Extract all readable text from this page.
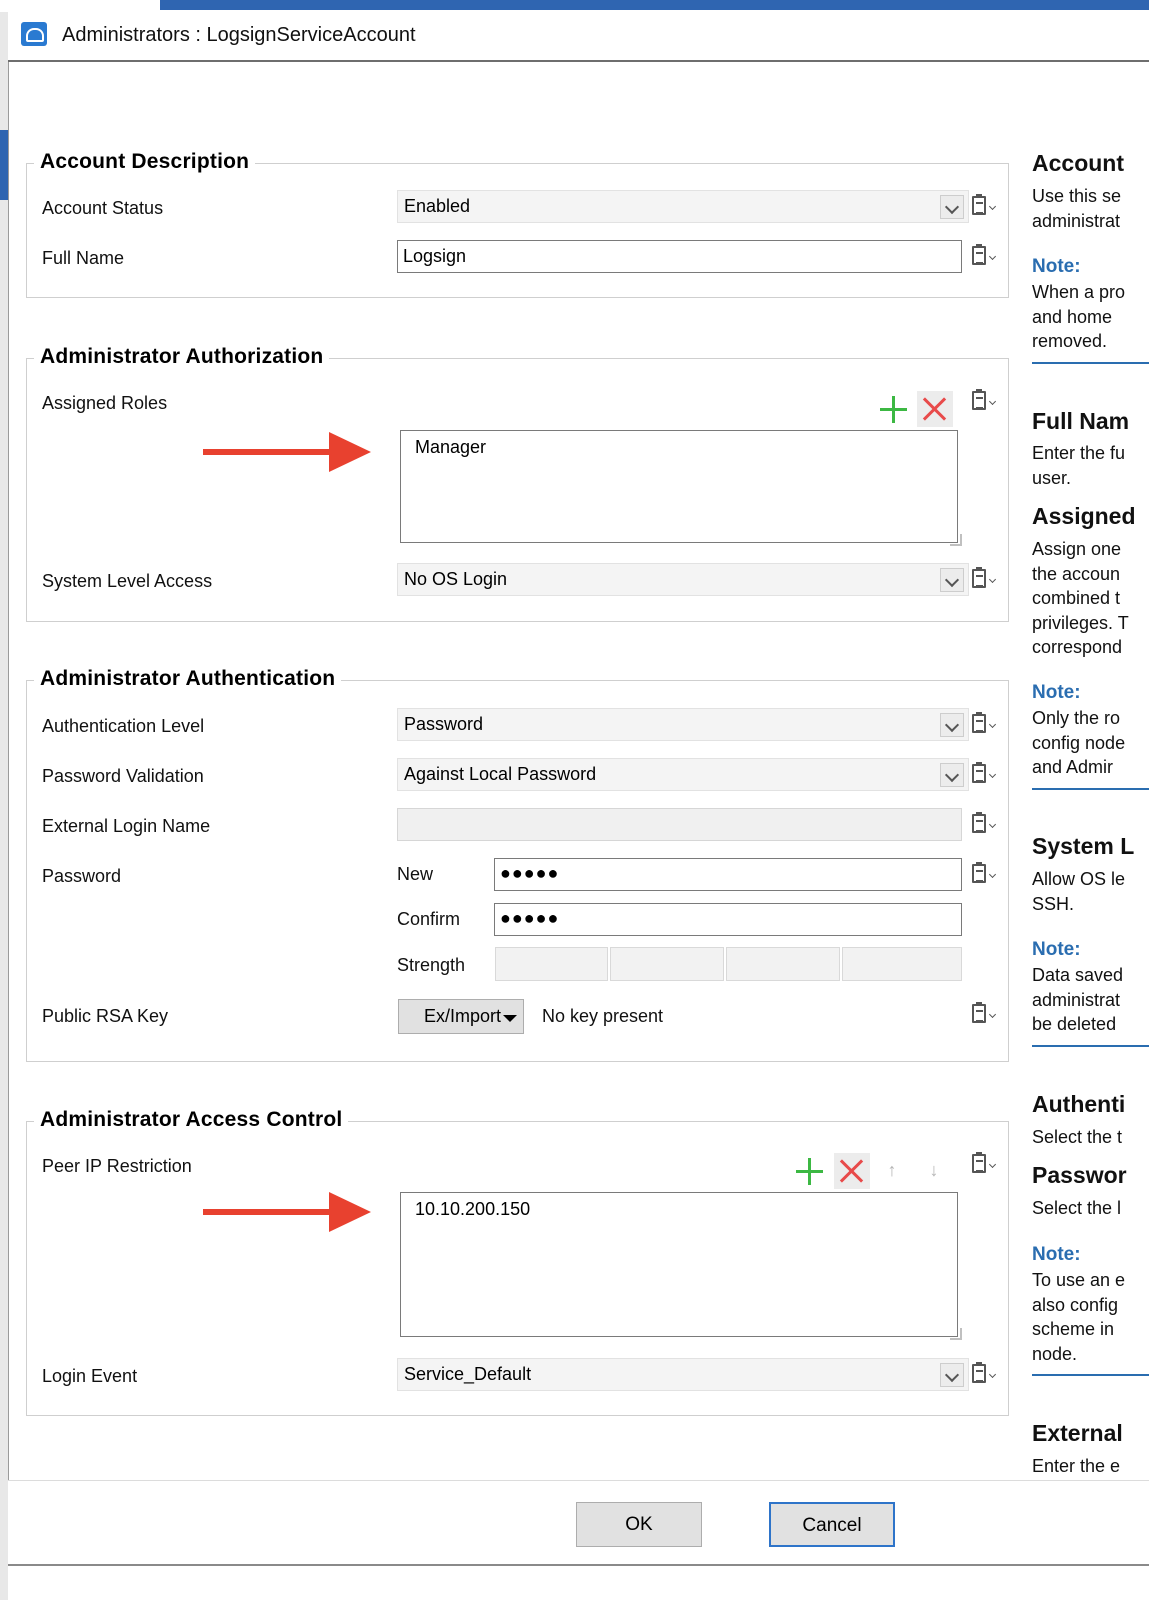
Administrators : LogsignServiceAccount
Account Description
Account Status	Enabled
Full Name	Logsign
Administrator Authorization
Assigned Roles
Manager
System Level Access	No OS Login
Administrator Authentication
Authentication Level	Password
Password Validation	Against Local Password
External Login Name
Password	New	●●●●●
Confirm ●●●●●
Strength
Public RSA Key	Ex/Import No key present
Administrator Access Control
Peer IP Restriction	↑	↓
10.10.200.150
Login Event	Service_Default
Account
Use this se
administrat
Note:
When a pro
and home
removed.
Full Nam
Enter the fu
user.
Assigned
Assign one
the accoun
combined t
privileges. T
correspond
Note:
Only the ro
config node
and Admir
System L
Allow OS le
SSH.
Note:
Data saved
administrat
be deleted
Authenti
Select the t
Passwor
Select the l
Note:
To use an e
also config
scheme in
node.
External
Enter the e
OK	Cancel
